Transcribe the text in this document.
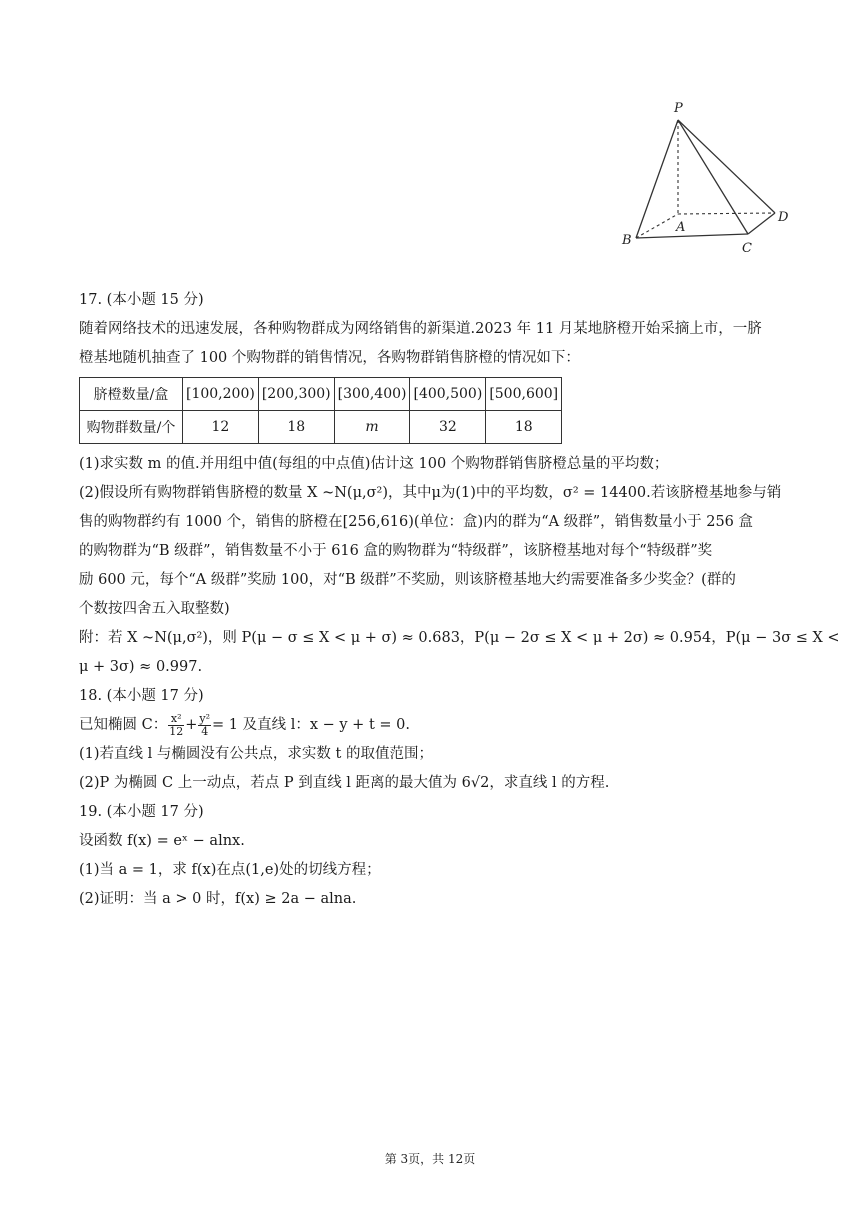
P
A
B
C
D

17. (本小题 15 分)

随着网络技术的迅速发展，各种购物群成为网络销售的新渠道.2023 年 11 月某地脐橙开始采摘上市，一脐

橙基地随机抽查了 100 个购物群的销售情况，各购物群销售脐橙的情况如下：

脐橙数量/盒	[100,200)	[200,300)	[300,400)	[400,500)	[500,600]
购物群数量/个	12	18	m	32	18

(1)求实数 m 的值.并用组中值(每组的中点值)估计这 100 个购物群销售脐橙总量的平均数；

(2)假设所有购物群销售脐橙的数量 X ~N(μ,σ²)，其中μ为(1)中的平均数，σ² = 14400.若该脐橙基地参与销

售的购物群约有 1000 个，销售的脐橙在[256,616)(单位：盒)内的群为“A 级群”，销售数量小于 256 盒

的购物群为“B 级群”，销售数量不小于 616 盒的购物群为“特级群”，该脐橙基地对每个“特级群”奖

励 600 元，每个“A 级群”奖励 100，对“B 级群”不奖励，则该脐橙基地大约需要准备多少奖金？(群的

个数按四舍五入取整数)

附：若 X ~N(μ,σ²)，则 P(μ − σ ≤ X < μ + σ) ≈ 0.683，P(μ − 2σ ≤ X < μ + 2σ) ≈ 0.954，P(μ − 3σ ≤ X <

μ + 3σ) ≈ 0.997.

18. (本小题 17 分)

已知椭圆 C： $\frac{\text{x²}}{12} + \frac{\text{y²}}{4} = 1$ 及直线 l：x − y + t = 0.

(1)若直线 l 与椭圆没有公共点，求实数 t 的取值范围；

(2)P 为椭圆 C 上一动点，若点 P 到直线 l 距离的最大值为 6√2，求直线 l 的方程.

19. (本小题 17 分)

设函数 f(x) = eˣ − alnx.

(1)当 a = 1，求 f(x)在点(1,e)处的切线方程；

(2)证明：当 a > 0 时，f(x) ≥ 2a − alna.

第 3页，共 12页
